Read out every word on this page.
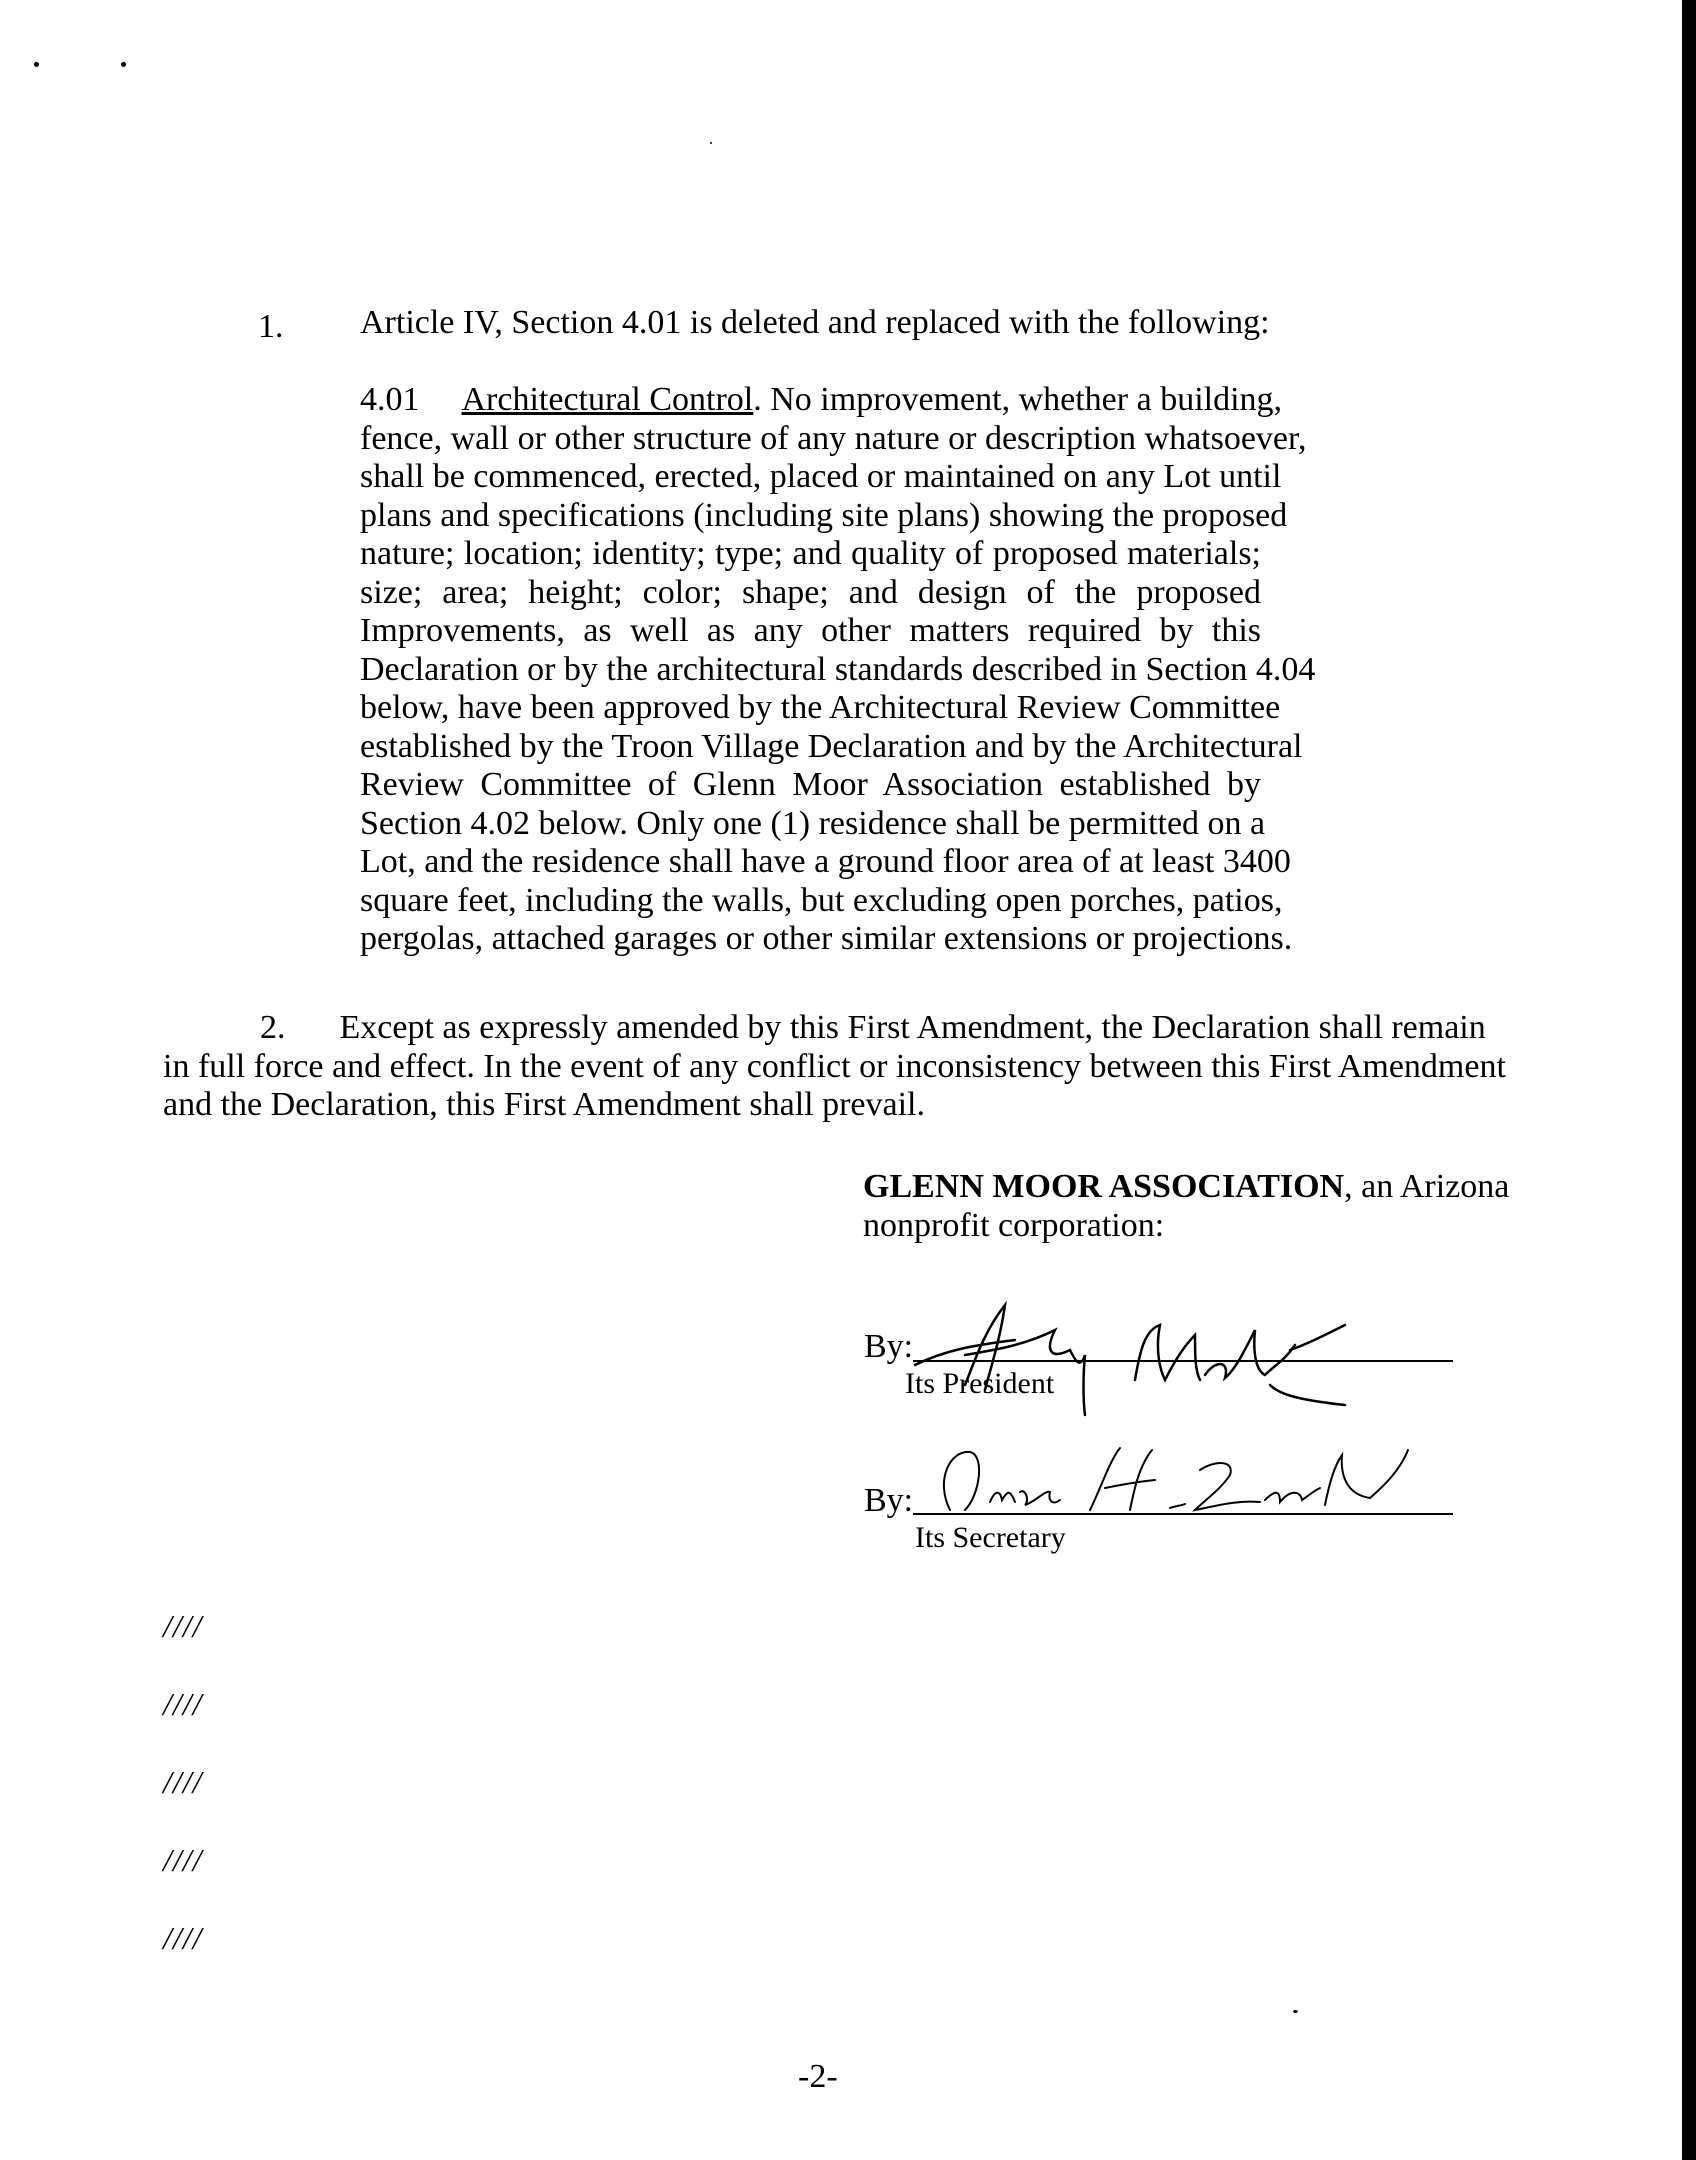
1. Article IV, Section 4.01 is deleted and replaced with the following:
4.01 Architectural Control. No improvement, whether a building,
fence, wall or other structure of any nature or description whatsoever,
shall be commenced, erected, placed or maintained on any Lot until
plans and specifications (including site plans) showing the proposed
nature; location; identity; type; and quality of proposed materials;
size; area; height; color; shape; and design of the proposed
Improvements, as well as any other matters required by this
Declaration or by the architectural standards described in Section 4.04
below, have been approved by the Architectural Review Committee
established by the Troon Village Declaration and by the Architectural
Review Committee of Glenn Moor Association established by
Section 4.02 below. Only one (1) residence shall be permitted on a
Lot, and the residence shall have a ground floor area of at least 3400
square feet, including the walls, but excluding open porches, patios,
pergolas, attached garages or other similar extensions or projections.
2. Except as expressly amended by this First Amendment, the Declaration shall remain
in full force and effect. In the event of any conflict or inconsistency between this First Amendment
and the Declaration, this First Amendment shall prevail.
GLENN MOOR ASSOCIATION, an Arizona
nonprofit corporation:
By:
Its President
By:
Its Secretary
////
////
////
////
////
-2-
